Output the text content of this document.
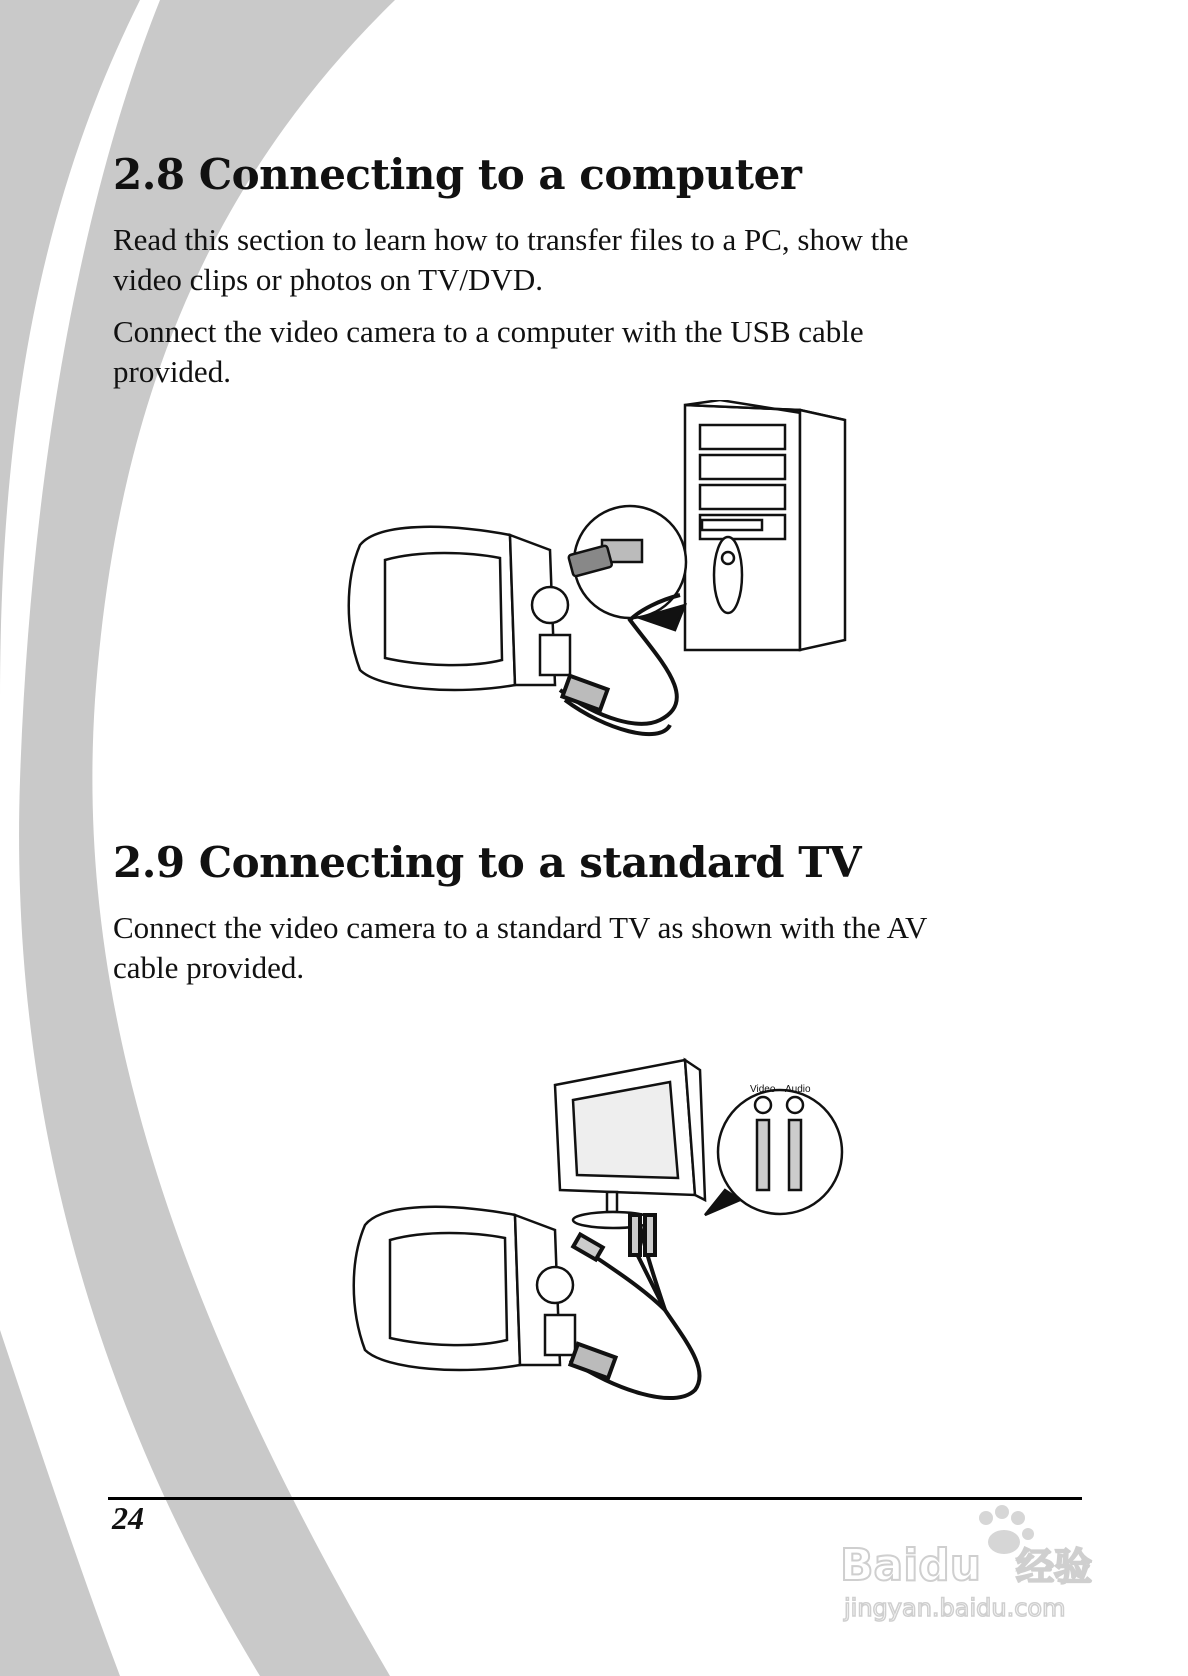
2.8 Connecting to a computer

Read this section to learn how to transfer files to a PC, show the
video clips or photos on TV/DVD.

Connect the video camera to a computer with the USB cable
provided.

2.9 Connecting to a standard TV

Connect the video camera to a standard TV as shown with the AV
cable provided.

Video Audio
24
Baidu 经验
jingyan.baidu.com
